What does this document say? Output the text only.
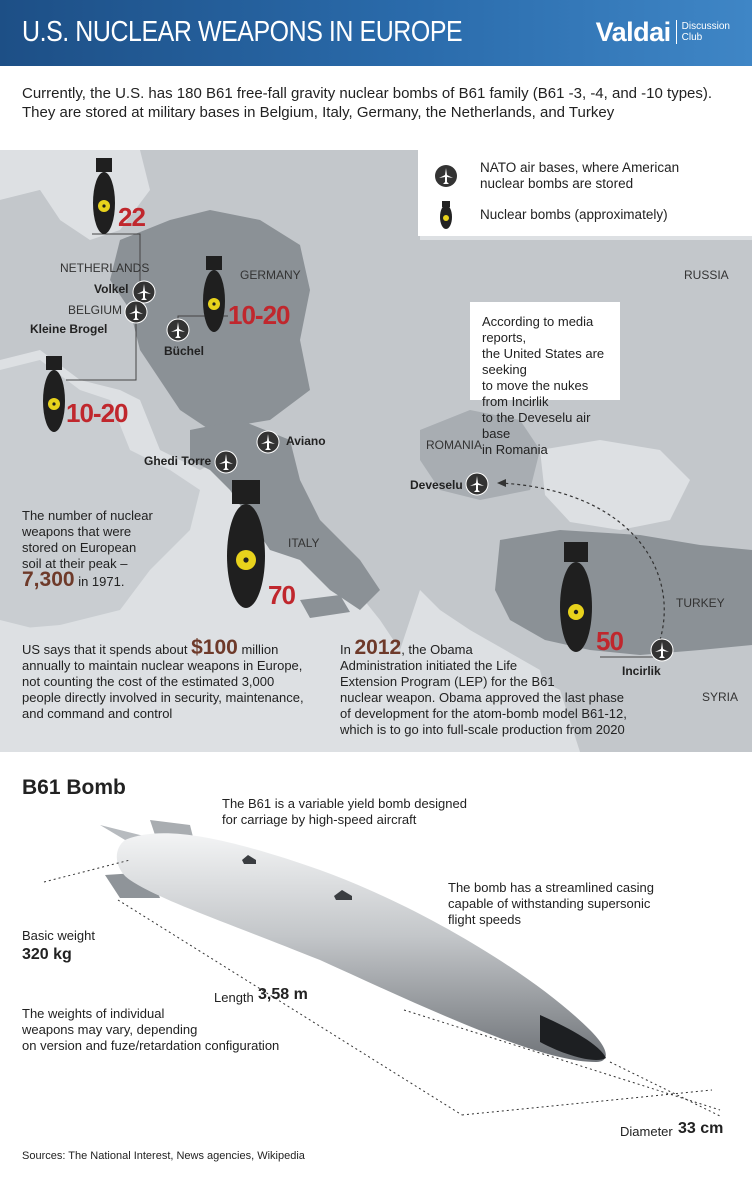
U.S. NUCLEAR WEAPONS IN EUROPE	Valdai Discussion
Club
Currently, the U.S. has 180 B61 free-fall gravity nuclear bombs of B61 family (B61 -3, -4, and -10 types).
They are stored at military bases in Belgium, Italy, Germany, the Netherlands, and Turkey
NATO air bases, where American
nuclear bombs are stored
Nuclear bombs (approximately)
22
10-20
10-20
70
50
NETHERLANDS
BELGIUM
GERMANY	RUSSIA
ROMANIA
ITALY
TURKEY
SYRIA
Volkel
Kleine Brogel
Büchel
Aviano
Ghedi Torre
Deveselu
Incirlik
According to media reports,
the United States are seeking
to move the nukes from Incirlik
to the Deveselu air base
in Romania
The number of nuclear
weapons that were
stored on European
soil at their peak –
7,300 in 1971.
US says that it spends about $100 million
annually to maintain nuclear weapons in Europe,
not counting the cost of the estimated 3,000
people directly involved in security, maintenance,
and command and control
In 2012, the Obama
Administration initiated the Life
Extension Program (LEP) for the B61
nuclear weapon. Obama approved the last phase
of development for the atom-bomb model B61-12,
which is to go into full-scale production from 2020
B61 Bomb
The B61 is a variable yield bomb designed
for carriage by high-speed aircraft
The bomb has a streamlined casing
capable of withstanding supersonic
flight speeds
Basic weight
320 kg
Length 3,58 m
The weights of individual
weapons may vary, depending
on version and fuze/retardation configuration
Diameter 33 cm
Sources: The National Interest, News agencies, Wikipedia
